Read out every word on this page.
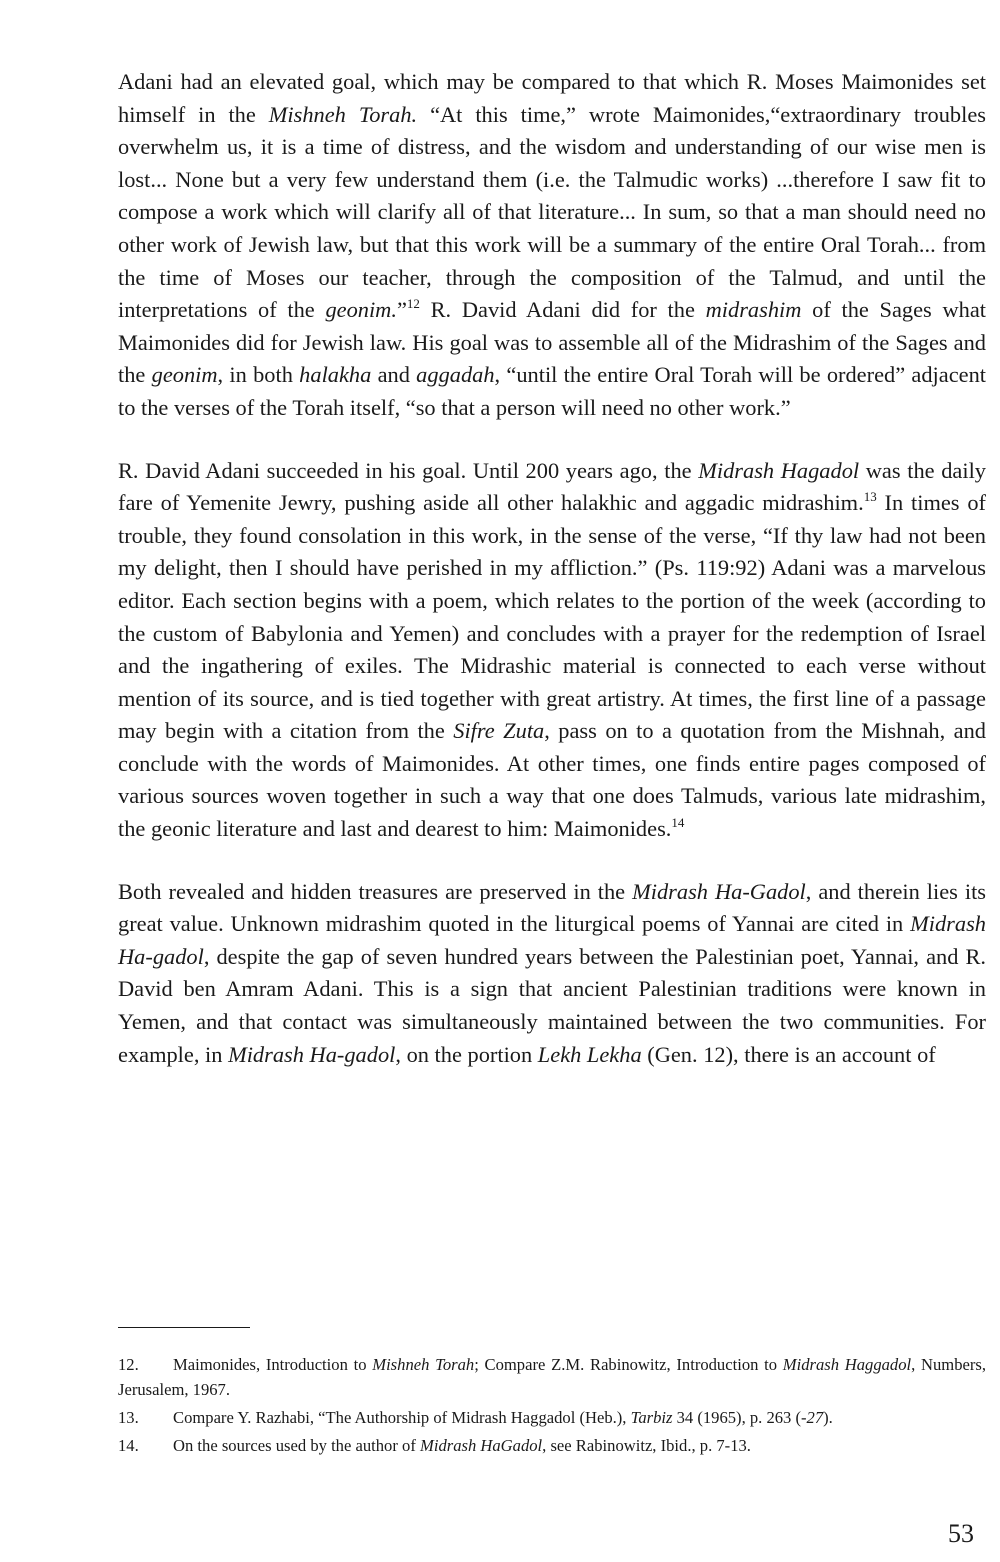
Adani had an elevated goal, which may be compared to that which R. Moses Maimonides set himself in the Mishneh Torah. “At this time,” wrote Maimonides,“extraordinary troubles overwhelm us, it is a time of distress, and the wisdom and understanding of our wise men is lost... None but a very few understand them (i.e. the Talmudic works) ...therefore I saw fit to compose a work which will clarify all of that literature... In sum, so that a man should need no other work of Jewish law, but that this work will be a summary of the entire Oral Torah... from the time of Moses our teacher, through the composition of the Talmud, and until the interpretations of the geonim.”$^{12}$ R. David Adani did for the midrashim of the Sages what Maimonides did for Jewish law. His goal was to assemble all of the Midrashim of the Sages and the geonim, in both halakha and aggadah, “until the entire Oral Torah will be ordered” adjacent to the verses of the Torah itself, “so that a person will need no other work.”

R. David Adani succeeded in his goal. Until 200 years ago, the Midrash Hagadol was the daily fare of Yemenite Jewry, pushing aside all other halakhic and aggadic midrashim.$^{13}$ In times of trouble, they found consolation in this work, in the sense of the verse, “If thy law had not been my delight, then I should have perished in my affliction.” (Ps. 119:92) Adani was a marvelous editor. Each section begins with a poem, which relates to the portion of the week (according to the custom of Babylonia and Yemen) and concludes with a prayer for the redemption of Israel and the ingathering of exiles. The Midrashic material is connected to each verse without mention of its source, and is tied together with great artistry. At times, the first line of a passage may begin with a citation from the Sifre Zuta, pass on to a quotation from the Mishnah, and conclude with the words of Maimonides. At other times, one finds entire pages composed of various sources woven together in such a way that one does Talmuds, various late midrashim, the geonic literature and last and dearest to him: Maimonides.$^{14}$

Both revealed and hidden treasures are preserved in the Midrash Ha-Gadol, and therein lies its great value. Unknown midrashim quoted in the liturgical poems of Yannai are cited in Midrash Ha-gadol, despite the gap of seven hundred years between the Palestinian poet, Yannai, and R. David ben Amram Adani. This is a sign that ancient Palestinian traditions were known in Yemen, and that contact was simultaneously maintained between the two communities. For example, in Midrash Ha-gadol, on the portion Lekh Lekha (Gen. 12), there is an account of

12. Maimonides, Introduction to Mishneh Torah; Compare Z.M. Rabinowitz, Introduction to Midrash Haggadol, Numbers, Jerusalem, 1967.
13. Compare Y. Razhabi, “The Authorship of Midrash Haggadol (Heb.), Tarbiz 34 (1965), p. 263 (-27).
14. On the sources used by the author of Midrash HaGadol, see Rabinowitz, Ibid., p. 7-13.
53
